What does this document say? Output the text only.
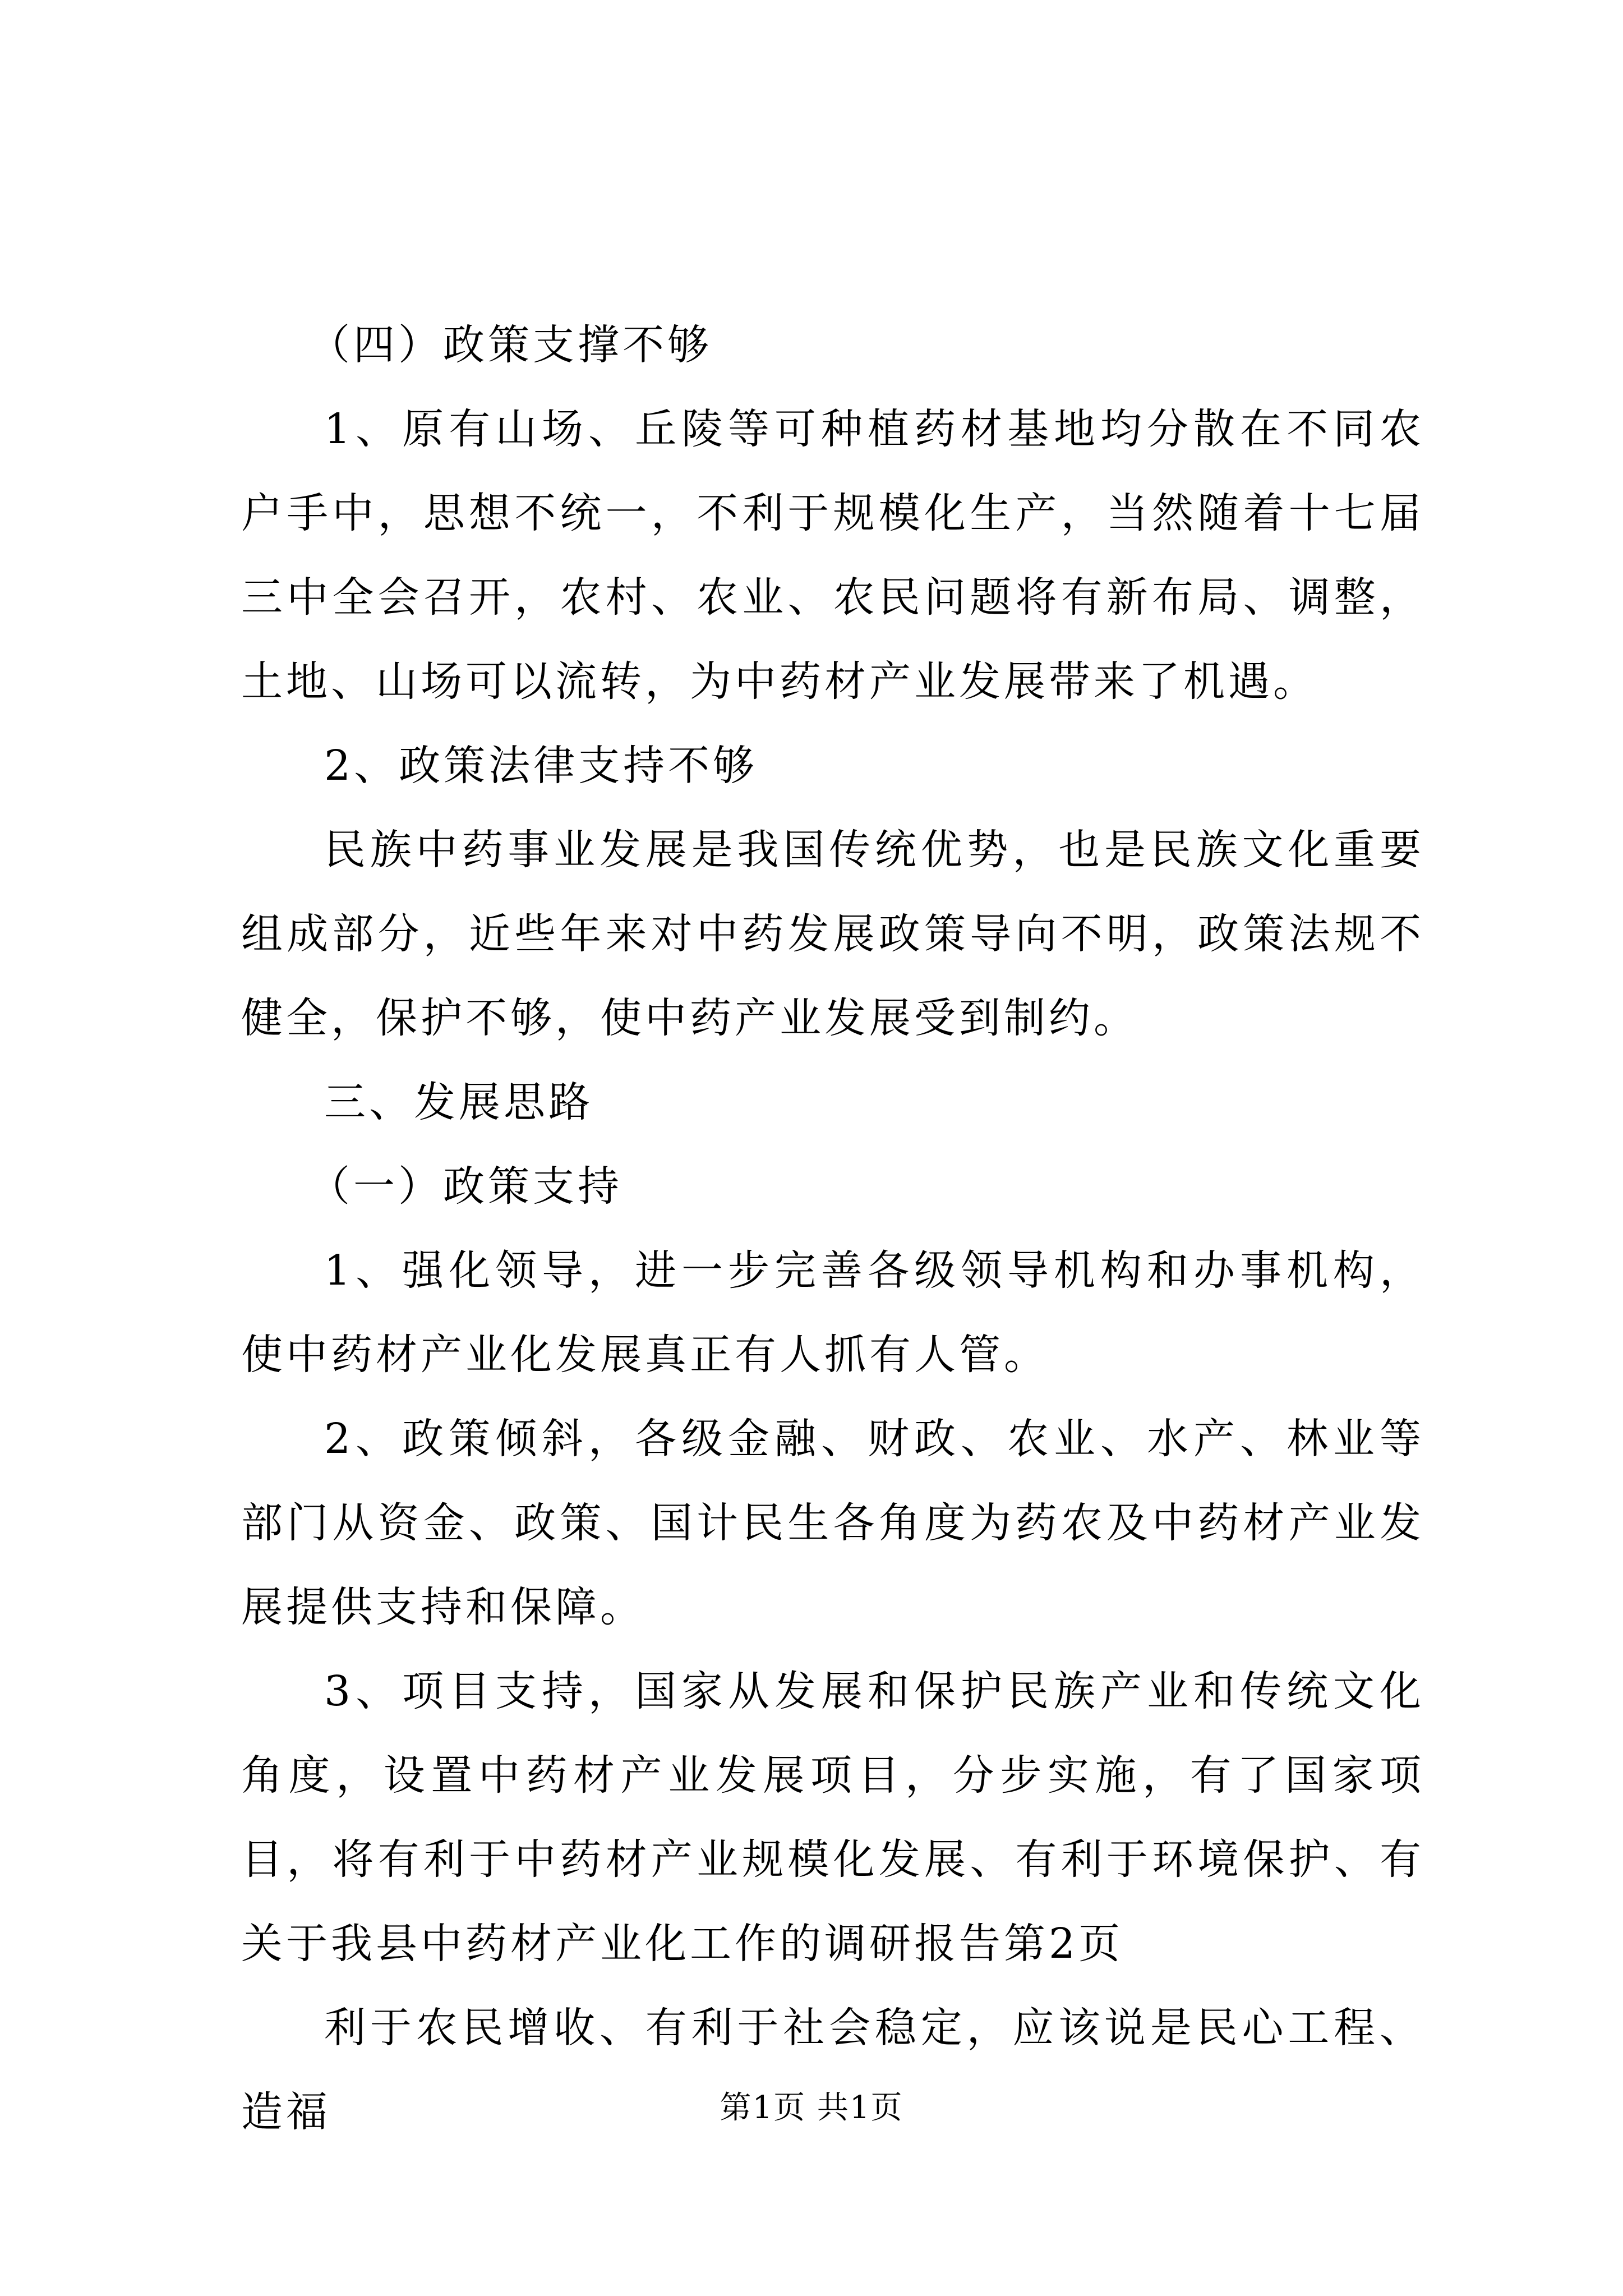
（四）政策支撑不够

1、原有山场、丘陵等可种植药材基地均分散在不同农户手中，思想不统一，不利于规模化生产，当然随着十七届三中全会召开，农村、农业、农民问题将有新布局、调整，土地、山场可以流转，为中药材产业发展带来了机遇。

2、政策法律支持不够

民族中药事业发展是我国传统优势，也是民族文化重要组成部分，近些年来对中药发展政策导向不明，政策法规不健全，保护不够，使中药产业发展受到制约。

三、发展思路

（一）政策支持

1、强化领导，进一步完善各级领导机构和办事机构，使中药材产业化发展真正有人抓有人管。

2、政策倾斜，各级金融、财政、农业、水产、林业等部门从资金、政策、国计民生各角度为药农及中药材产业发展提供支持和保障。

3、项目支持，国家从发展和保护民族产业和传统文化角度，设置中药材产业发展项目，分步实施，有了国家项目，将有利于中药材产业规模化发展、有利于环境保护、有关于我县中药材产业化工作的调研报告第2页

利于农民增收、有利于社会稳定，应该说是民心工程、造福	第1页 共1页
